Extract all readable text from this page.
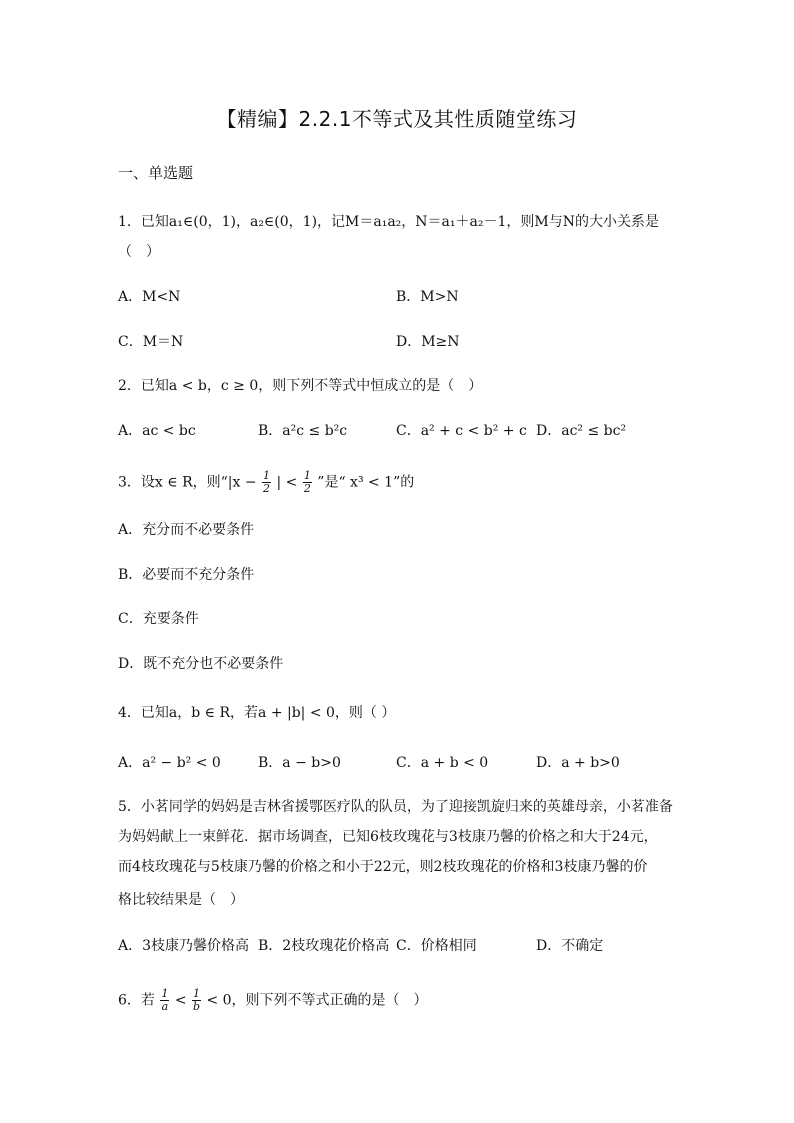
【精编】2.2.1不等式及其性质随堂练习
一、单选题
1．已知a₁∈(0，1)，a₂∈(0，1)，记M＝a₁a₂，N＝a₁＋a₂－1，则M与N的大小关系是
（　）
A．M<N	B．M>N
C．M＝N	D．M≥N
2．已知a < b，c ≥ 0，则下列不等式中恒成立的是（　）
A．ac < bc	B．a²c ≤ b²c	C．a² + c < b² + c D．ac² ≤ bc²
3．设x ∈ R，则“$|x - \frac{1}{2}$ | < $\frac{1}{2}$ ”是“ x³ < 1”的
A．充分而不必要条件
B．必要而不充分条件
C．充要条件
D．既不充分也不必要条件
4．已知a，b ∈ R，若a + |b| < 0，则（ ）
A．a² − b² < 0	B．a − b>0	C．a + b < 0	D．a + b>0
5．小茗同学的妈妈是吉林省援鄂医疗队的队员，为了迎接凯旋归来的英雄母亲，小茗准备
为妈妈献上一束鲜花．据市场调查，已知6枝玫瑰花与3枝康乃馨的价格之和大于24元，
而4枝玫瑰花与5枝康乃馨的价格之和小于22元，则2枝玫瑰花的价格和3枝康乃馨的价
格比较结果是（　）
A．3枝康乃馨价格高 B．2枝玫瑰花价格高 C．价格相同	D．不确定
6．若 $\frac{1}{a} < \frac{1}{b} < 0$，则下列不等式正确的是（　）
